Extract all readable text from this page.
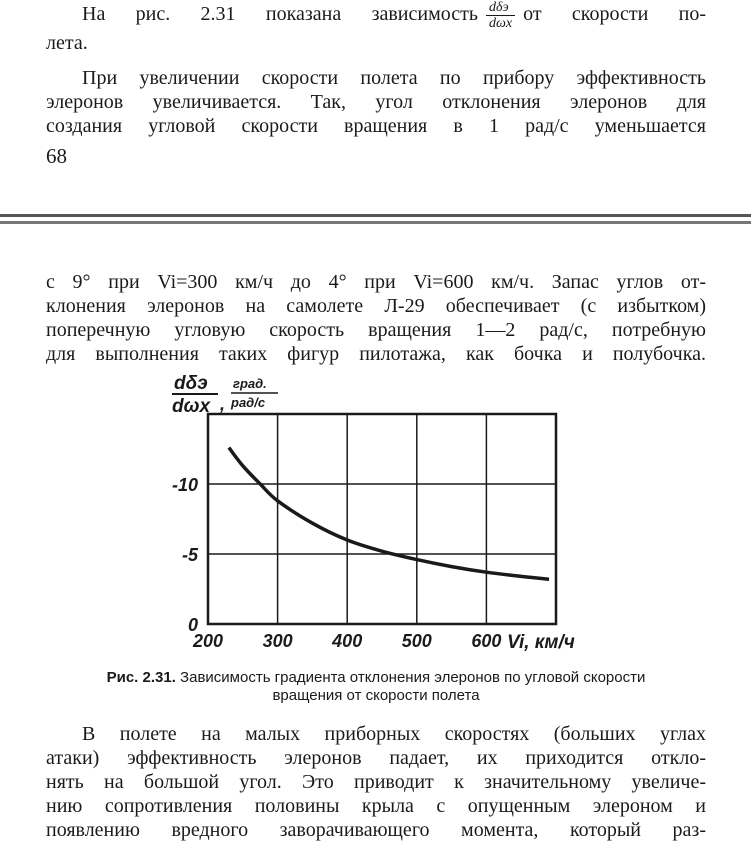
На рис. 2.31 показана зависимость $\frac{\text{dδэ}}{\text{dωx}}$ от скорости по-
лета.

При увеличении скорости полета по прибору эффективность
элеронов увеличивается. Так, угол отклонения элеронов для
создания угловой скорости вращения в 1 рад/с уменьшается

68

с 9° при Vi=300 км/ч до 4° при Vi=600 км/ч. Запас углов от-
клонения элеронов на самолете Л-29 обеспечивает (с избытком)
поперечную угловую скорость вращения 1—2 рад/с, потребную
для выполнения таких фигур пилотажа, как бочка и полубочка.

0
-5
-10
200 300 400 500 600
dδэ
dωx ,
град.
рад/с
Vi, км/ч
Рис. 2.31. Зависимость градиента отклонения элеронов по угловой скорости
вращения от скорости полета

В полете на малых приборных скоростях (больших углах
атаки) эффективность элеронов падает, их приходится откло-
нять на большой угол. Это приводит к значительному увеличе-
нию сопротивления половины крыла с опущенным элероном и
появлению вредного заворачивающего момента, который раз-
